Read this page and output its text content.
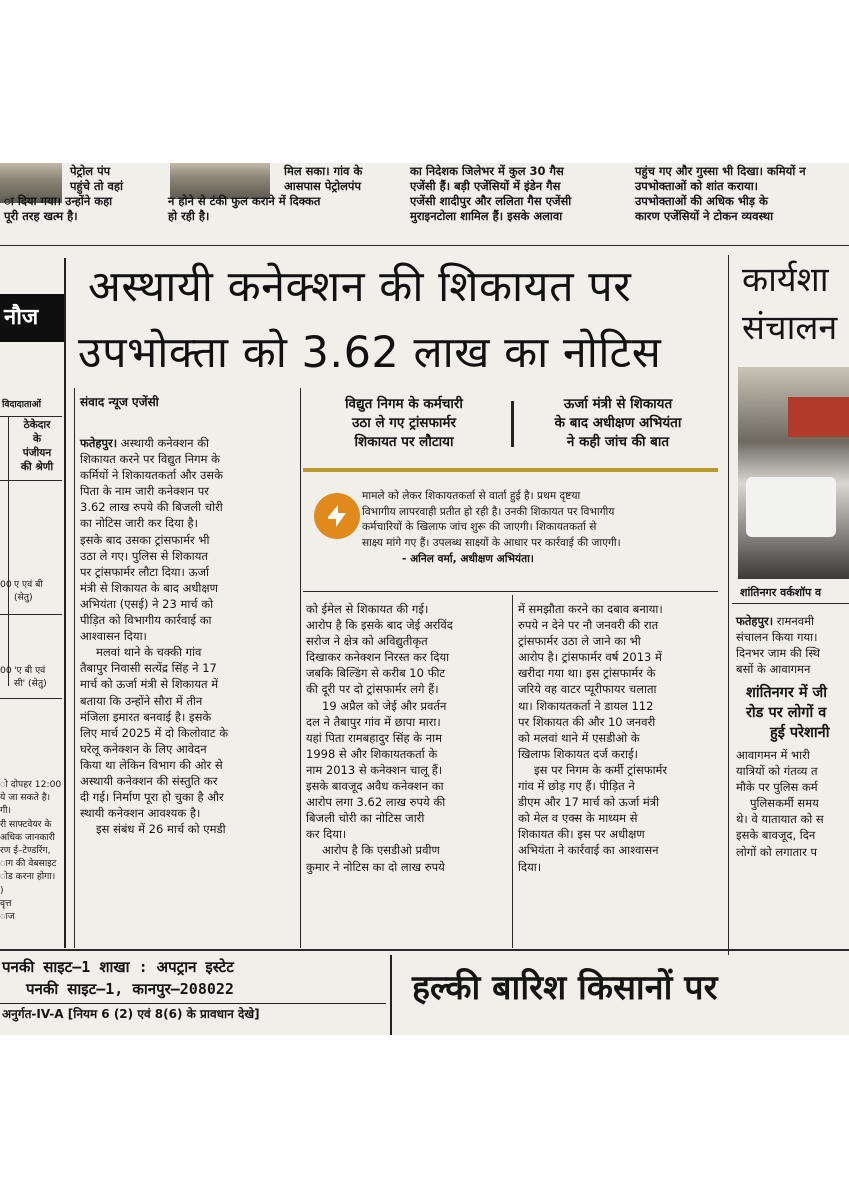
पेट्रोल पंप

पहुंचे तो वहां

ा दिया गया। उन्होंने कहा

पूरी तरह खत्म है।

मिल सका। गांव के

आसपास पेट्रोलपंप

न होने से टंकी फुल कराने में दिक्कत

हो रही है।

का निदेशक जिलेभर में कुल 30 गैस

एजेंसी हैं। बड़ी एजेंसियों में इंडेन गैस

एजेंसी शादीपुर और ललिता गैस एजेंसी

मुराइनटोला शामिल हैं। इसके अलावा

पहुंच गए और गुस्सा भी दिखा। कमियों न

उपभोक्ताओं को शांत कराया।

उपभोक्ताओं की अधिक भीड़ के

कारण एजेंसियों ने टोकन व्यवस्था

नौज
विदादाताओं
ठेकेदार
के
पंजीयन
की श्रेणी
00 ए एवं बी
(सेतु)
00 'ए बी एवं
सी' (सेतु)

ो दोपहर 12:00

ये जा सकते है।

गी।

री साफ्टवेयर के

अधिक जानकारी

रण ई–टेण्डरिंग,

ाग की वेबसाइट

ोड करना होगा।

)

वृत्त

ाज

अस्थायी कनेक्शन की शिकायत पर
उपभोक्ता को 3.62 लाख का नोटिस
संवाद न्यूज एजेंसी	विद्युत निगम के कर्मचारी
उठा ले गए ट्रांसफार्मर
शिकायत पर लौटाया
ऊर्जा मंत्री से शिकायत
के बाद अधीक्षण अभियंता
ने कही जांच की बात

मामले को लेकर शिकायतकर्ता से वार्ता हुई है। प्रथम दृष्टया

विभागीय लापरवाही प्रतीत हो रही है। उनकी शिकायत पर विभागीय

कर्मचारियों के खिलाफ जांच शुरू की जाएगी। शिकायतकर्ता से

साक्ष्य मांगे गए हैं। उपलब्ध साक्ष्यों के आधार पर कार्रवाई की जाएगी।

- अनिल वर्मा, अधीक्षण अभियंता।

फतेहपुर। अस्थायी कनेक्शन की

शिकायत करने पर विद्युत निगम के

कर्मियों ने शिकायतकर्ता और उसके

पिता के नाम जारी कनेक्शन पर

3.62 लाख रुपये की बिजली चोरी

का नोटिस जारी कर दिया है।

इसके बाद उसका ट्रांसफार्मर भी

उठा ले गए। पुलिस से शिकायत

पर ट्रांसफार्मर लौटा दिया। ऊर्जा

मंत्री से शिकायत के बाद अधीक्षण

अभियंता (एसई) ने 23 मार्च को

पीड़ित को विभागीय कार्रवाई का

आश्वासन दिया।

मलवां थाने के चक्की गांव

तैबापुर निवासी सत्येंद्र सिंह ने 17

मार्च को ऊर्जा मंत्री से शिकायत में

बताया कि उन्होंने सौरा में तीन

मंजिला इमारत बनवाई है। इसके

लिए मार्च 2025 में दो किलोवाट के

घरेलू कनेक्शन के लिए आवेदन

किया था लेकिन विभाग की ओर से

अस्थायी कनेक्शन की संस्तुति कर

दी गई। निर्माण पूरा हो चुका है और

स्थायी कनेक्शन आवश्यक है।

इस संबंध में 26 मार्च को एमडी

को ईमेल से शिकायत की गई।

आरोप है कि इसके बाद जेई अरविंद

सरोज ने क्षेत्र को अविद्युतीकृत

दिखाकर कनेक्शन निरस्त कर दिया

जबकि बिल्डिंग से करीब 10 फीट

की दूरी पर दो ट्रांसफार्मर लगे हैं।

19 अप्रैल को जेई और प्रवर्तन

दल ने तैबापुर गांव में छापा मारा।

यहां पिता रामबहादुर सिंह के नाम

1998 से और शिकायतकर्ता के

नाम 2013 से कनेक्शन चालू हैं।

इसके बावजूद अवैध कनेक्शन का

आरोप लगा 3.62 लाख रुपये की

बिजली चोरी का नोटिस जारी

कर दिया।

आरोप है कि एसडीओ प्रवीण

कुमार ने नोटिस का दो लाख रुपये

में समझौता करने का दबाव बनाया।

रुपये न देने पर नौ जनवरी की रात

ट्रांसफार्मर उठा ले जाने का भी

आरोप है। ट्रांसफार्मर वर्ष 2013 में

खरीदा गया था। इस ट्रांसफार्मर के

जरिये वह वाटर प्यूरीफायर चलाता

था। शिकायतकर्ता ने डायल 112

पर शिकायत की और 10 जनवरी

को मलवां थाने में एसडीओ के

खिलाफ शिकायत दर्ज कराई।

इस पर निगम के कर्मी ट्रांसफार्मर

गांव में छोड़ गए हैं। पीड़ित ने

डीएम और 17 मार्च को ऊर्जा मंत्री

को मेल व एक्स के माध्यम से

शिकायत की। इस पर अधीक्षण

अभियंता ने कार्रवाई का आश्वासन

दिया।

कार्यशा
संचालन
शांतिनगर वर्कशॉप व

फतेहपुर। रामनवमी

संचालन किया गया।

दिनभर जाम की स्थि

बसों के आवागमन

शांतिनगर में जी
रोड पर लोगों व
हुई परेशानी

आवागमन में भारी

यात्रियों को गंतव्य त

मौके पर पुलिस कर्म

पुलिसकर्मी समय

थे। वे यातायात को स

इसके बावजूद, दिन

लोगों को लगातार प

पनकी साइट–1 शाखा : अपट्रान इस्टेट
पनकी साइट–1, कानपुर–208022
अनुर्गत-IV-A [नियम 6 (2) एवं 8(6) के प्रावधान देखे]
हल्की बारिश किसानों पर
